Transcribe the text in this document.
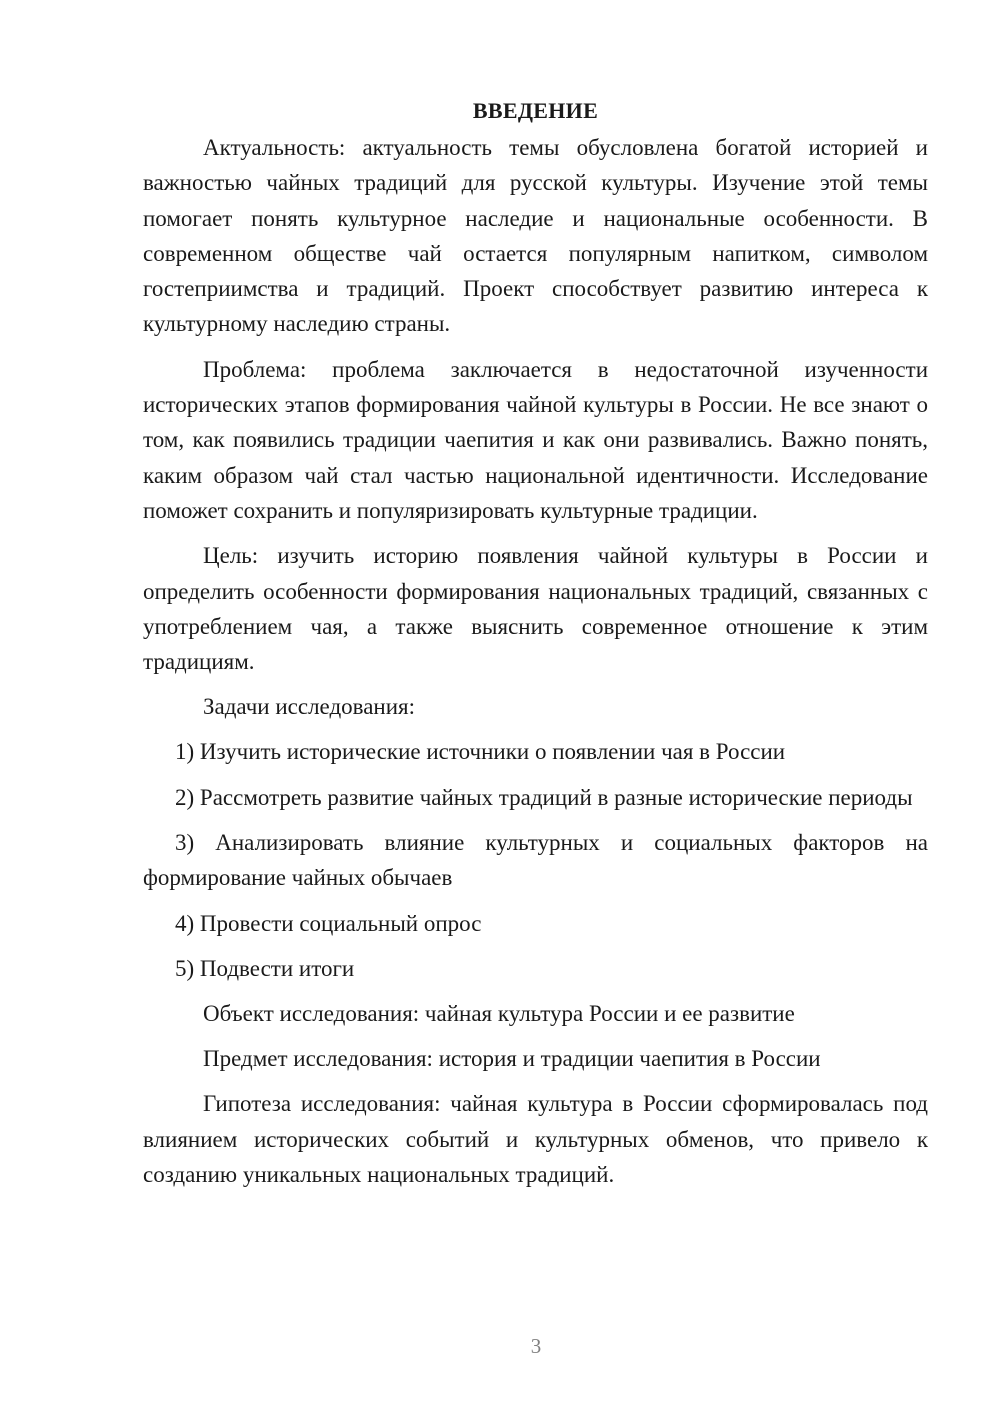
ВВЕДЕНИЕ

Актуальность: актуальность темы обусловлена богатой историей и важностью чайных традиций для русской культуры. Изучение этой темы помогает понять культурное наследие и национальные особенности. В современном обществе чай остается популярным напитком, символом гостеприимства и традиций. Проект способствует развитию интереса к культурному наследию страны.

Проблема: проблема заключается в недостаточной изученности исторических этапов формирования чайной культуры в России. Не все знают о том, как появились традиции чаепития и как они развивались. Важно понять, каким образом чай стал частью национальной идентичности. Исследование поможет сохранить и популяризировать культурные традиции.

Цель: изучить историю появления чайной культуры в России и определить особенности формирования национальных традиций, связанных с употреблением чая, а также выяснить современное отношение к этим традициям.

Задачи исследования:

1) Изучить исторические источники о появлении чая в России

2) Рассмотреть развитие чайных традиций в разные исторические периоды

3) Анализировать влияние культурных и социальных факторов на формирование чайных обычаев

4) Провести социальный опрос

5) Подвести итоги

Объект исследования: чайная культура России и ее развитие

Предмет исследования: история и традиции чаепития в России

Гипотеза исследования: чайная культура в России сформировалась под влиянием исторических событий и культурных обменов, что привело к созданию уникальных национальных традиций.

3
